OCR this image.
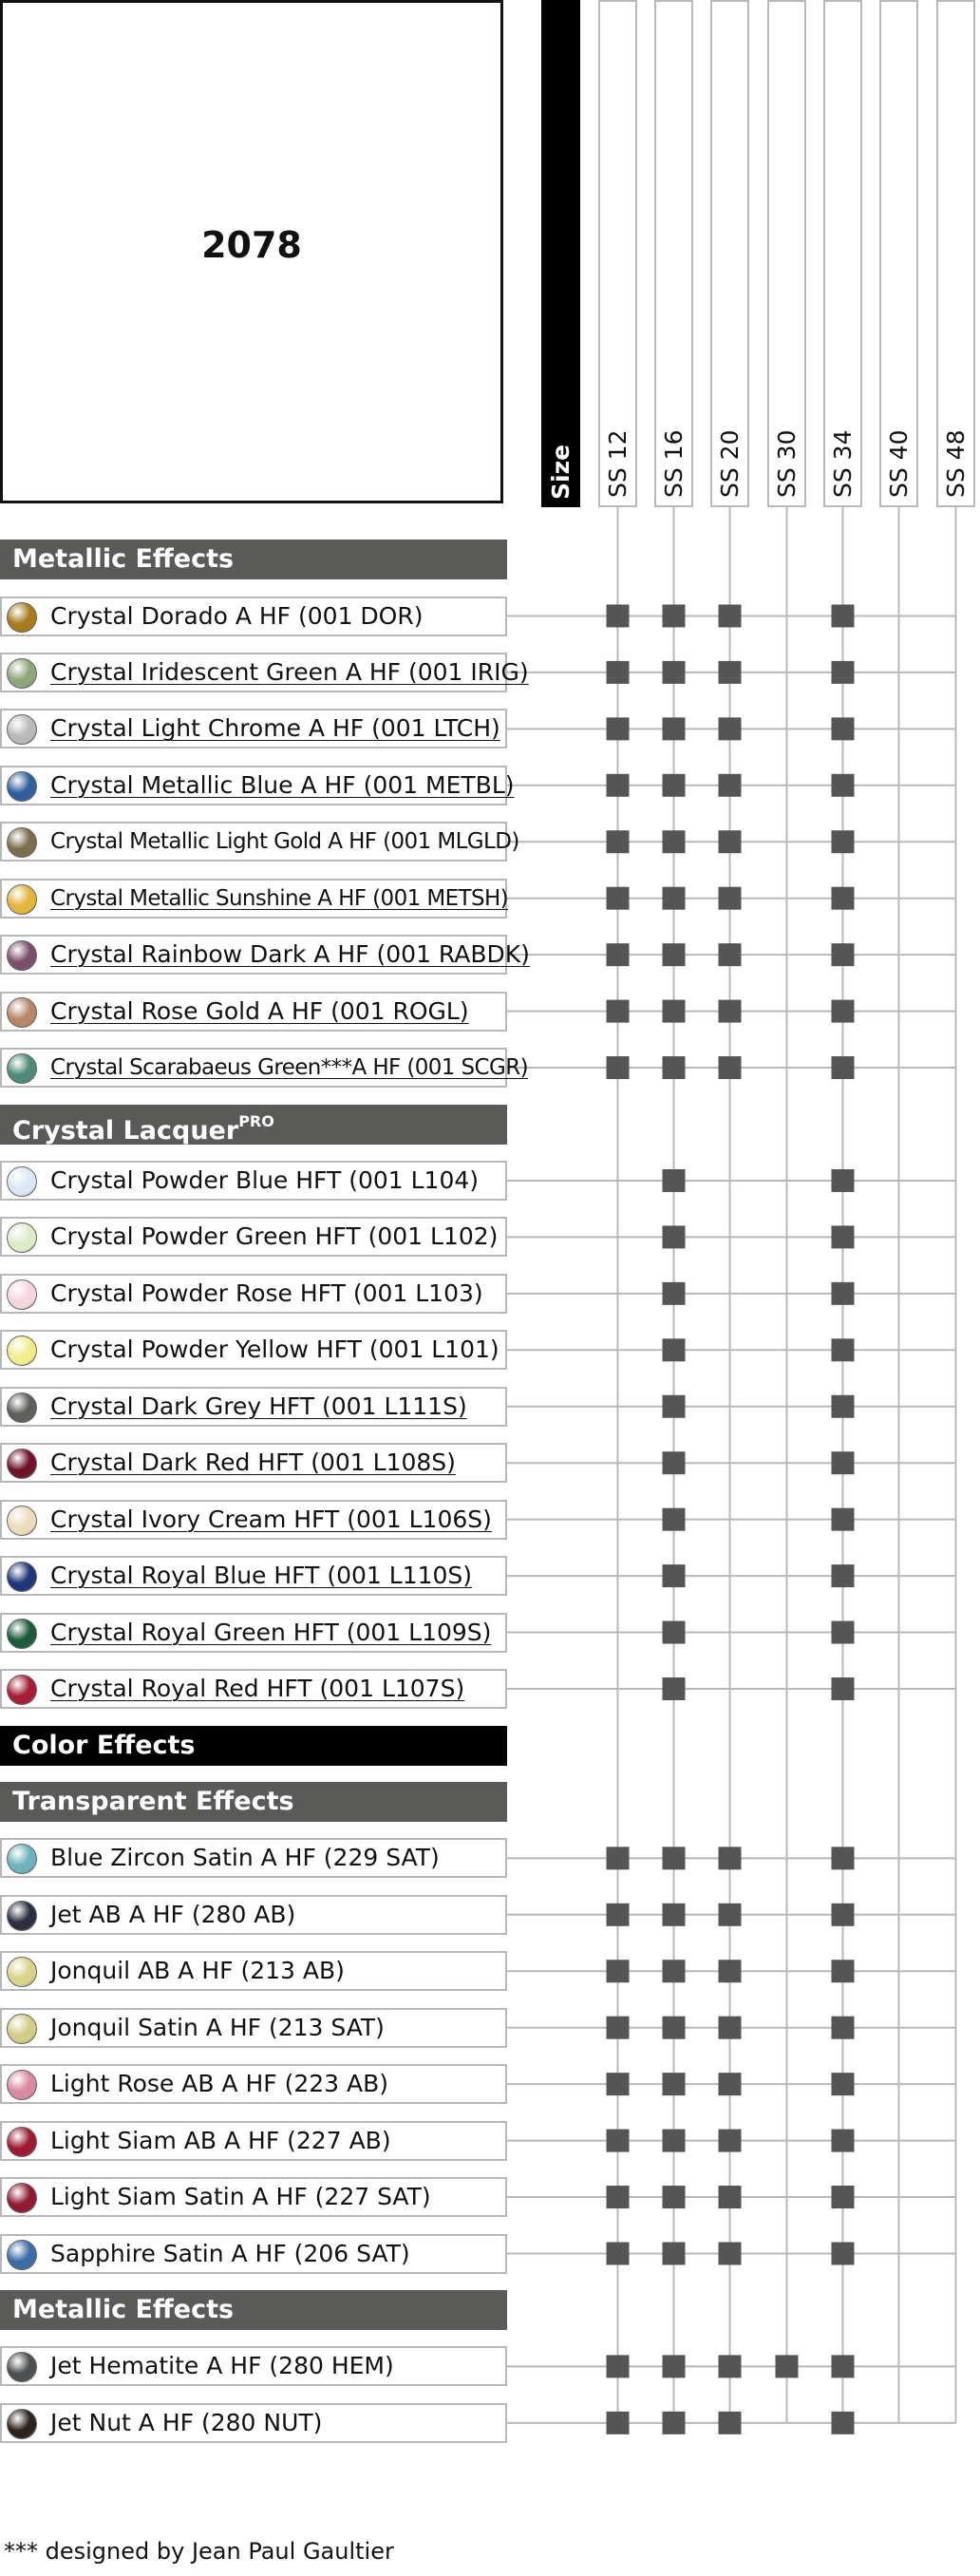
2078
Size SS 12 SS 16 SS 20 SS 30 SS 34 SS 40 SS 48
Metallic Effects
Crystal Dorado A HF (001 DOR)
Crystal Iridescent Green A HF (001 IRIG)
Crystal Light Chrome A HF (001 LTCH)
Crystal Metallic Blue A HF (001 METBL)
Crystal Metallic Light Gold A HF (001 MLGLD)
Crystal Metallic Sunshine A HF (001 METSH)
Crystal Rainbow Dark A HF (001 RABDK)
Crystal Rose Gold A HF (001 ROGL)
Crystal Scarabaeus Green***A HF (001 SCGR)
Crystal Lacquer$^{PRO}$
Crystal Powder Blue HFT (001 L104)
Crystal Powder Green HFT (001 L102)
Crystal Powder Rose HFT (001 L103)
Crystal Powder Yellow HFT (001 L101)
Crystal Dark Grey HFT (001 L111S)
Crystal Dark Red HFT (001 L108S)
Crystal Ivory Cream HFT (001 L106S)
Crystal Royal Blue HFT (001 L110S)
Crystal Royal Green HFT (001 L109S)
Crystal Royal Red HFT (001 L107S)
Color Effects
Transparent Effects
Blue Zircon Satin A HF (229 SAT)
Jet AB A HF (280 AB)
Jonquil AB A HF (213 AB)
Jonquil Satin A HF (213 SAT)
Light Rose AB A HF (223 AB)
Light Siam AB A HF (227 AB)
Light Siam Satin A HF (227 SAT)
Sapphire Satin A HF (206 SAT)
Metallic Effects
Jet Hematite A HF (280 HEM)
Jet Nut A HF (280 NUT)
*** designed by Jean Paul Gaultier
